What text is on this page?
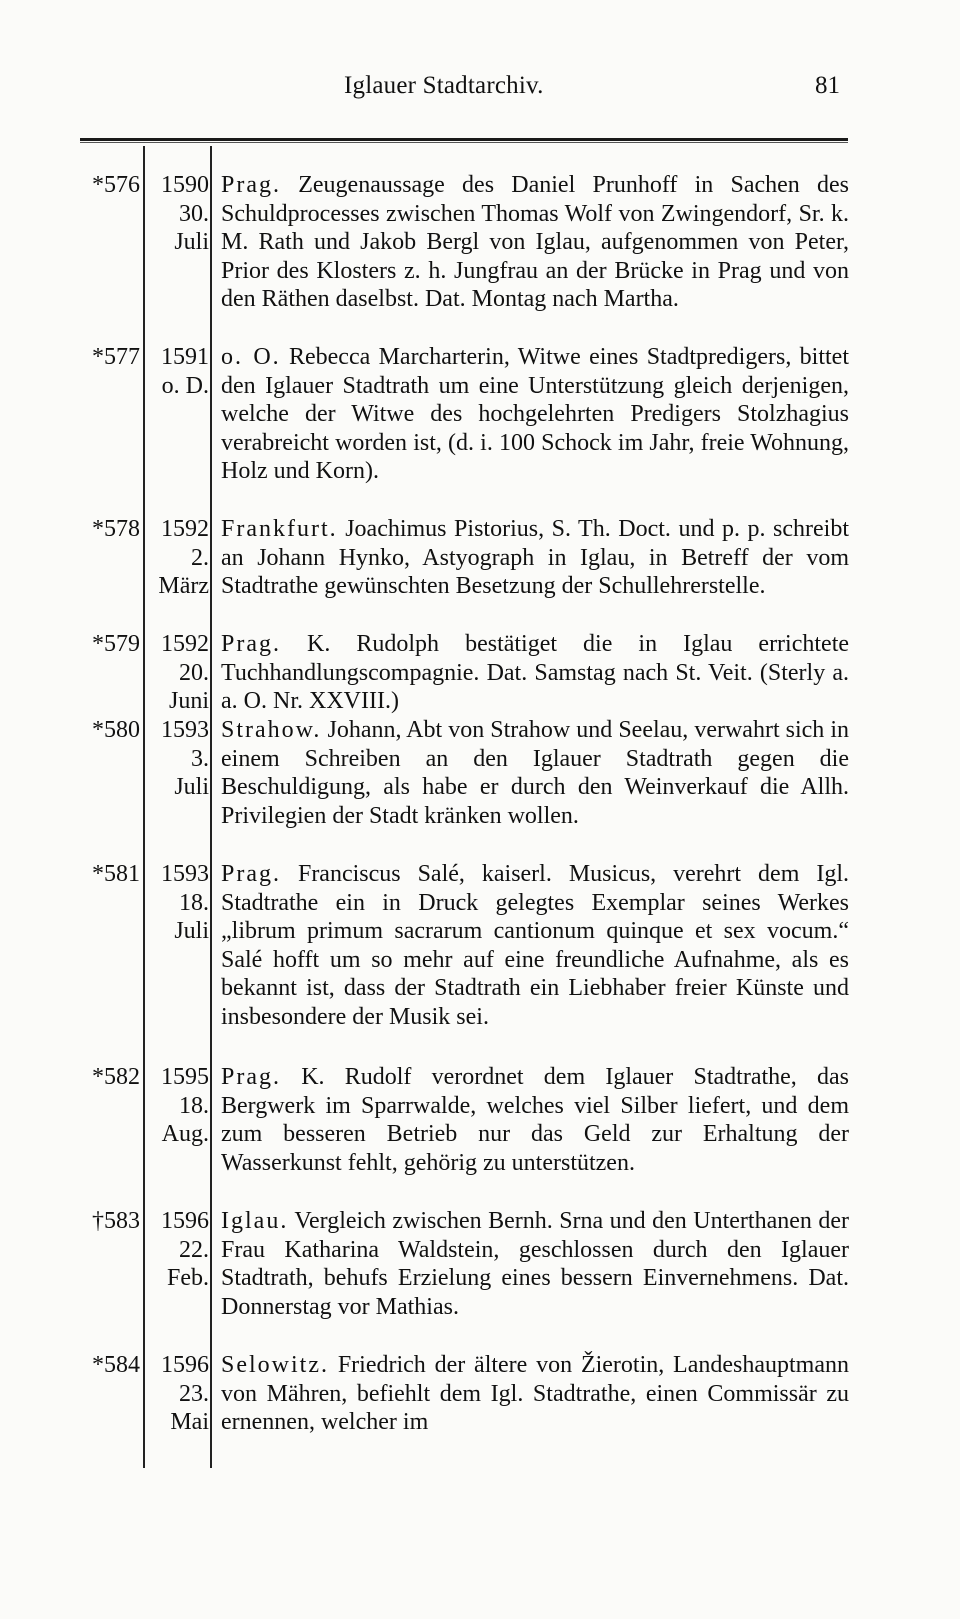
Iglauer Stadtarchiv.	81
*576 1590
30.
Juli
Prag. Zeugenaussage des Daniel Prunhoff in Sachen des Schuldprocesses zwischen Thomas Wolf von Zwingendorf, Sr. k. M. Rath und Jakob Bergl von Iglau, aufgenommen von Peter, Prior des Klosters z. h. Jungfrau an der Brücke in Prag und von den Räthen daselbst. Dat. Montag nach Martha.
*577 1591
o. D.
o. O. Rebecca Marcharterin, Witwe eines Stadtpredigers, bittet den Iglauer Stadtrath um eine Unterstützung gleich derjenigen, welche der Witwe des hochgelehrten Predigers Stolzhagius verabreicht worden ist, (d. i. 100 Schock im Jahr, freie Wohnung, Holz und Korn).
*578 1592
2.
März
Frankfurt. Joachimus Pistorius, S. Th. Doct. und p. p. schreibt an Johann Hynko, Astyograph in Iglau, in Betreff der vom Stadtrathe gewünschten Besetzung der Schullehrerstelle.
*579 1592
20.
Juni
Prag. K. Rudolph bestätiget die in Iglau errichtete Tuchhandlungscompagnie. Dat. Samstag nach St. Veit. (Sterly a. a. O. Nr. XXVIII.)
*580 1593
3.
Juli
Strahow. Johann, Abt von Strahow und Seelau, verwahrt sich in einem Schreiben an den Iglauer Stadtrath gegen die Beschuldigung, als habe er durch den Weinverkauf die Allh. Privilegien der Stadt kränken wollen.
*581 1593
18.
Juli
Prag. Franciscus Salé, kaiserl. Musicus, verehrt dem Igl. Stadtrathe ein in Druck gelegtes Exemplar seines Werkes „librum primum sacrarum cantionum quinque et sex vocum.“ Salé hofft um so mehr auf eine freundliche Aufnahme, als es bekannt ist, dass der Stadtrath ein Liebhaber freier Künste und insbesondere der Musik sei.
*582 1595
18.
Aug.
Prag. K. Rudolf verordnet dem Iglauer Stadtrathe, das Bergwerk im Sparrwalde, welches viel Silber liefert, und dem zum besseren Betrieb nur das Geld zur Erhaltung der Wasserkunst fehlt, gehörig zu unterstützen.
†583 1596
22.
Feb.
Iglau. Vergleich zwischen Bernh. Srna und den Unterthanen der Frau Katharina Waldstein, geschlossen durch den Iglauer Stadtrath, behufs Erzielung eines bessern Einvernehmens. Dat. Donnerstag vor Mathias.
*584 1596
23.
Mai
Selowitz. Friedrich der ältere von Žierotin, Landeshauptmann von Mähren, befiehlt dem Igl. Stadtrathe, einen Commissär zu ernennen, welcher im
